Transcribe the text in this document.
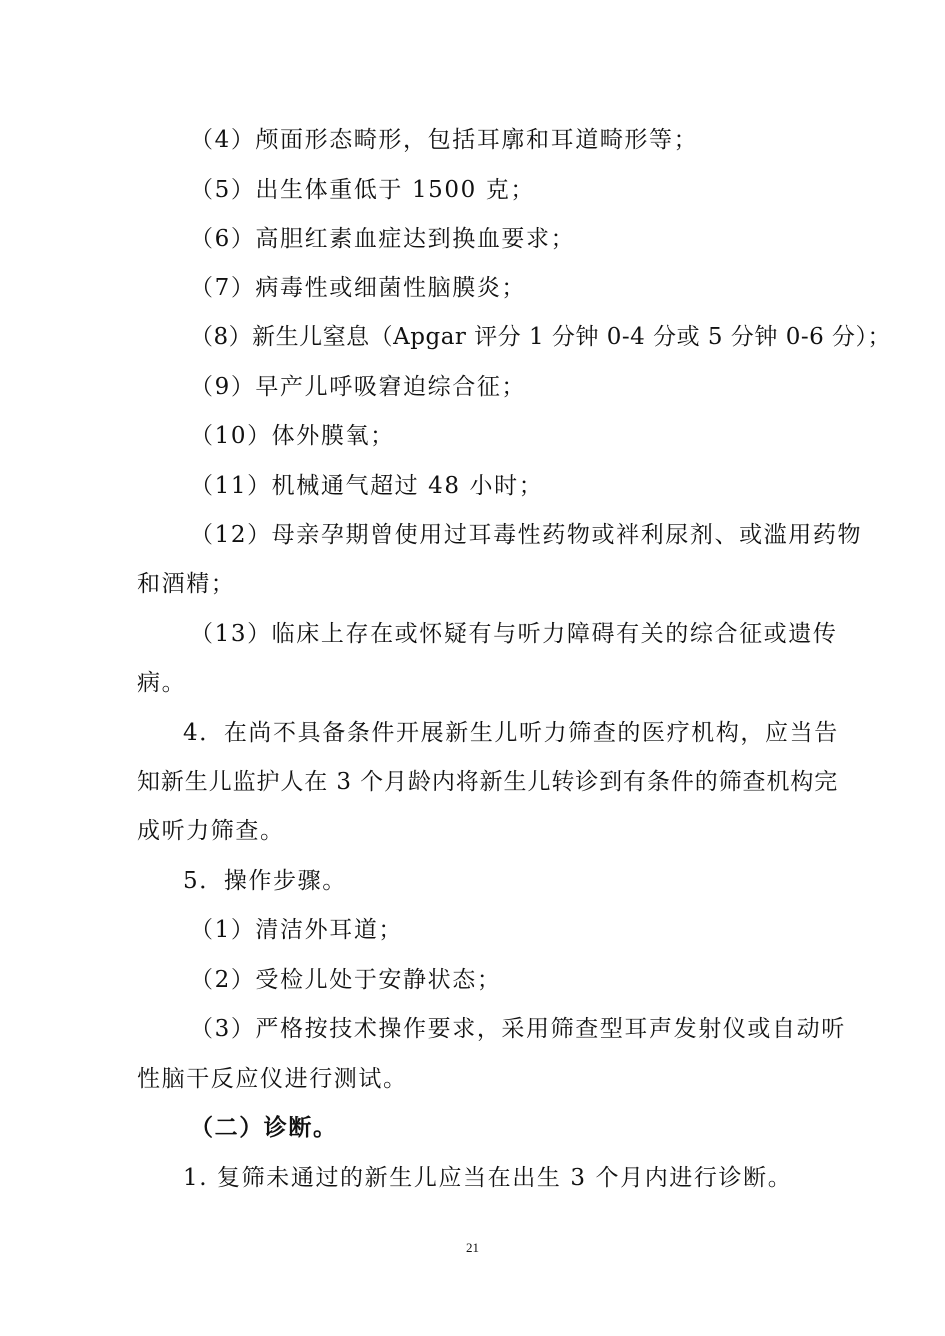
（4）颅面形态畸形，包括耳廓和耳道畸形等；
（5）出生体重低于 1500 克；
（6）高胆红素血症达到换血要求；
（7）病毒性或细菌性脑膜炎；
（8）新生儿窒息（Apgar 评分 1 分钟 0-4 分或 5 分钟 0-6 分）；
（9）早产儿呼吸窘迫综合征；
（10）体外膜氧；
（11）机械通气超过 48 小时；
（12）母亲孕期曾使用过耳毒性药物或袢利尿剂、或滥用药物
和酒精；
（13）临床上存在或怀疑有与听力障碍有关的综合征或遗传
病。
4．在尚不具备条件开展新生儿听力筛查的医疗机构，应当告
知新生儿监护人在 3 个月龄内将新生儿转诊到有条件的筛查机构完
成听力筛查。
5．操作步骤。
（1）清洁外耳道；
（2）受检儿处于安静状态；
（3）严格按技术操作要求，采用筛查型耳声发射仪或自动听
性脑干反应仪进行测试。
（二）诊断。
1. 复筛未通过的新生儿应当在出生 3 个月内进行诊断。
21
